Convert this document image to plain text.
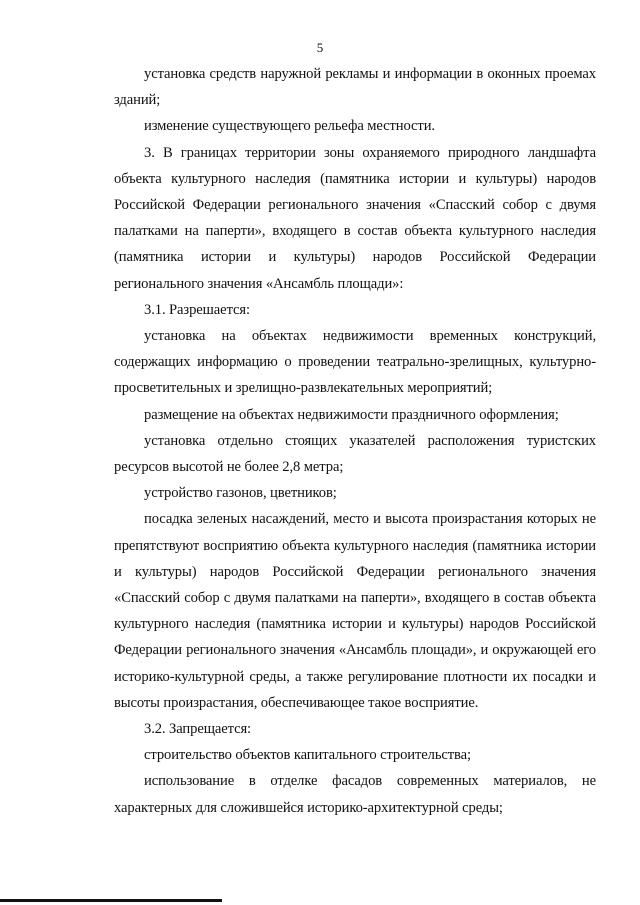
5

установка средств наружной рекламы и информации в оконных проемах зданий;

изменение существующего рельефа местности.

3. В границах территории зоны охраняемого природного ландшафта объекта культурного наследия (памятника истории и культуры) народов Российской Федерации регионального значения «Спасский собор с двумя палатками на паперти», входящего в состав объекта культурного наследия (памятника истории и культуры) народов Российской Федерации регионального значения «Ансамбль площади»:

3.1. Разрешается:

установка на объектах недвижимости временных конструкций, содержащих информацию о проведении театрально-зрелищных, культурно-просветительных и зрелищно-развлекательных мероприятий;

размещение на объектах недвижимости праздничного оформления;

установка отдельно стоящих указателей расположения туристских ресурсов высотой не более 2,8 метра;

устройство газонов, цветников;

посадка зеленых насаждений, место и высота произрастания которых не препятствуют восприятию объекта культурного наследия (памятника истории и культуры) народов Российской Федерации регионального значения «Спасский собор с двумя палатками на паперти», входящего в состав объекта культурного наследия (памятника истории и культуры) народов Российской Федерации регионального значения «Ансамбль площади», и окружающей его историко-культурной среды, а также регулирование плотности их посадки и высоты произрастания, обеспечивающее такое восприятие.

3.2. Запрещается:

строительство объектов капитального строительства;

использование в отделке фасадов современных материалов, не характерных для сложившейся историко-архитектурной среды;
